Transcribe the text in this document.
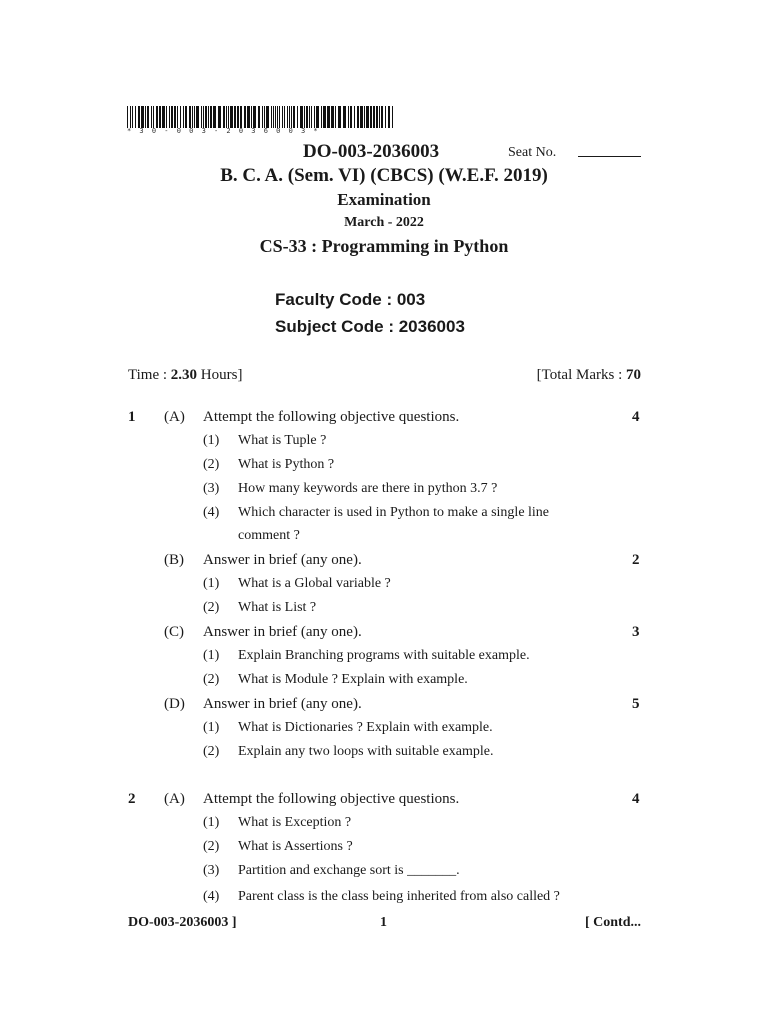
* 3 0 - 0 0 3 - 2 0 3 6 0 0 3 *
DO-003-2036003	Seat No.
B. C. A. (Sem. VI) (CBCS) (W.E.F. 2019)
Examination
March - 2022
CS-33 : Programming in Python
Faculty Code : 003
Subject Code : 2036003
Time : 2.30 Hours]	[Total Marks : 70
1 (A) Attempt the following objective questions.	4
(1) What is Tuple ?
(2) What is Python ?
(3) How many keywords are there in python 3.7 ?
(4) Which character is used in Python to make a single line
comment ?
(B) Answer in brief (any one).	2
(1) What is a Global variable ?
(2) What is List ?
(C) Answer in brief (any one).	3
(1) Explain Branching programs with suitable example.
(2) What is Module ? Explain with example.
(D) Answer in brief (any one).	5
(1) What is Dictionaries ? Explain with example.
(2) Explain any two loops with suitable example.
2 (A) Attempt the following objective questions.	4
(1) What is Exception ?
(2) What is Assertions ?
(3) Partition and exchange sort is _______.
(4) Parent class is the class being inherited from also called ?
DO-003-2036003 ]	1	[ Contd...
